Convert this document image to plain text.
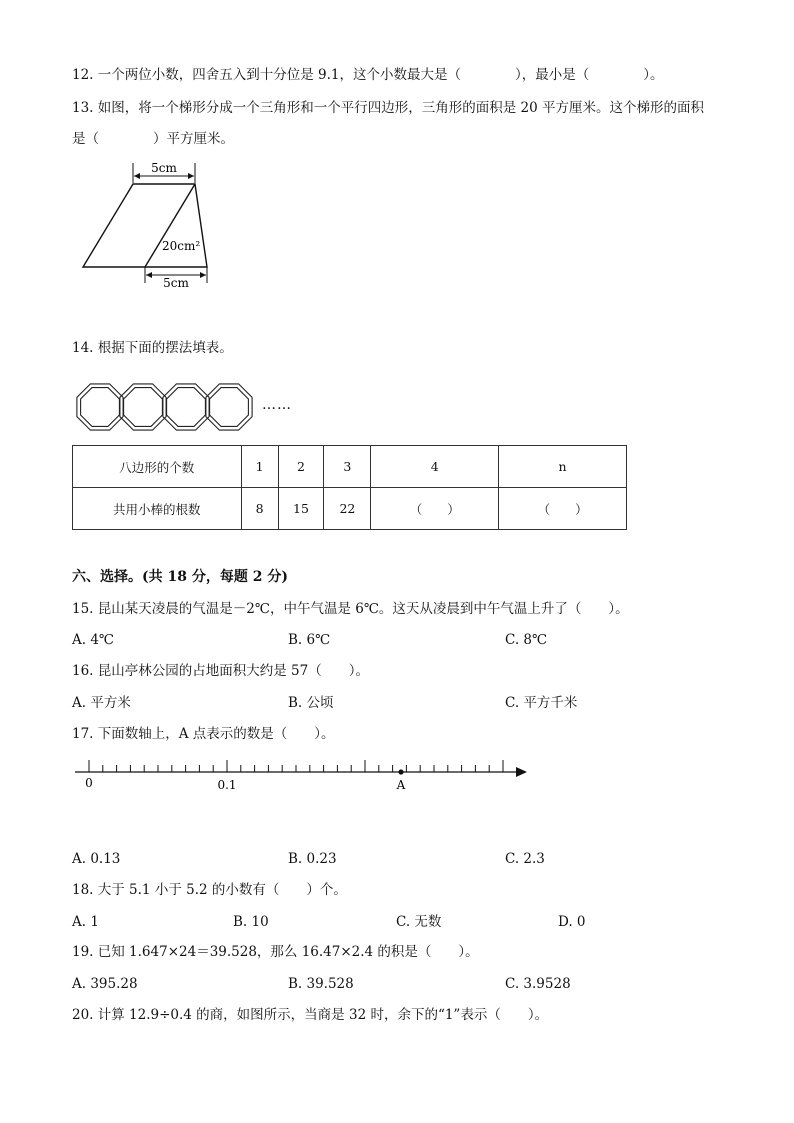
12. 一个两位小数，四舍五入到十分位是 9.1，这个小数最大是（　　　　），最小是（　　　　）。
13. 如图，将一个梯形分成一个三角形和一个平行四边形，三角形的面积是 20 平方厘米。这个梯形的面积
是（　　　　）平方厘米。
5cm
20cm²
5cm
14. 根据下面的摆法填表。
……
八边形的个数	1	2	3	4	n
共用小棒的根数	8	15	22	（　　）	（　　）
六、选择。(共 18 分，每题 2 分)
15. 昆山某天凌晨的气温是－2℃，中午气温是 6℃。这天从凌晨到中午气温上升了（　　）。
A. 4℃	B. 6℃	C. 8℃
16. 昆山亭林公园的占地面积大约是 57（　　）。
A. 平方米	B. 公顷	C. 平方千米
17. 下面数轴上，A 点表示的数是（　　）。
0	0.1	A
A. 0.13	B. 0.23	C. 2.3
18. 大于 5.1 小于 5.2 的小数有（　　）个。
A. 1	B. 10	C. 无数	D. 0
19. 已知 1.647×24＝39.528，那么 16.47×2.4 的积是（　　）。
A. 395.28	B. 39.528	C. 3.9528
20. 计算 12.9÷0.4 的商，如图所示，当商是 32 时，余下的“1”表示（　　）。
